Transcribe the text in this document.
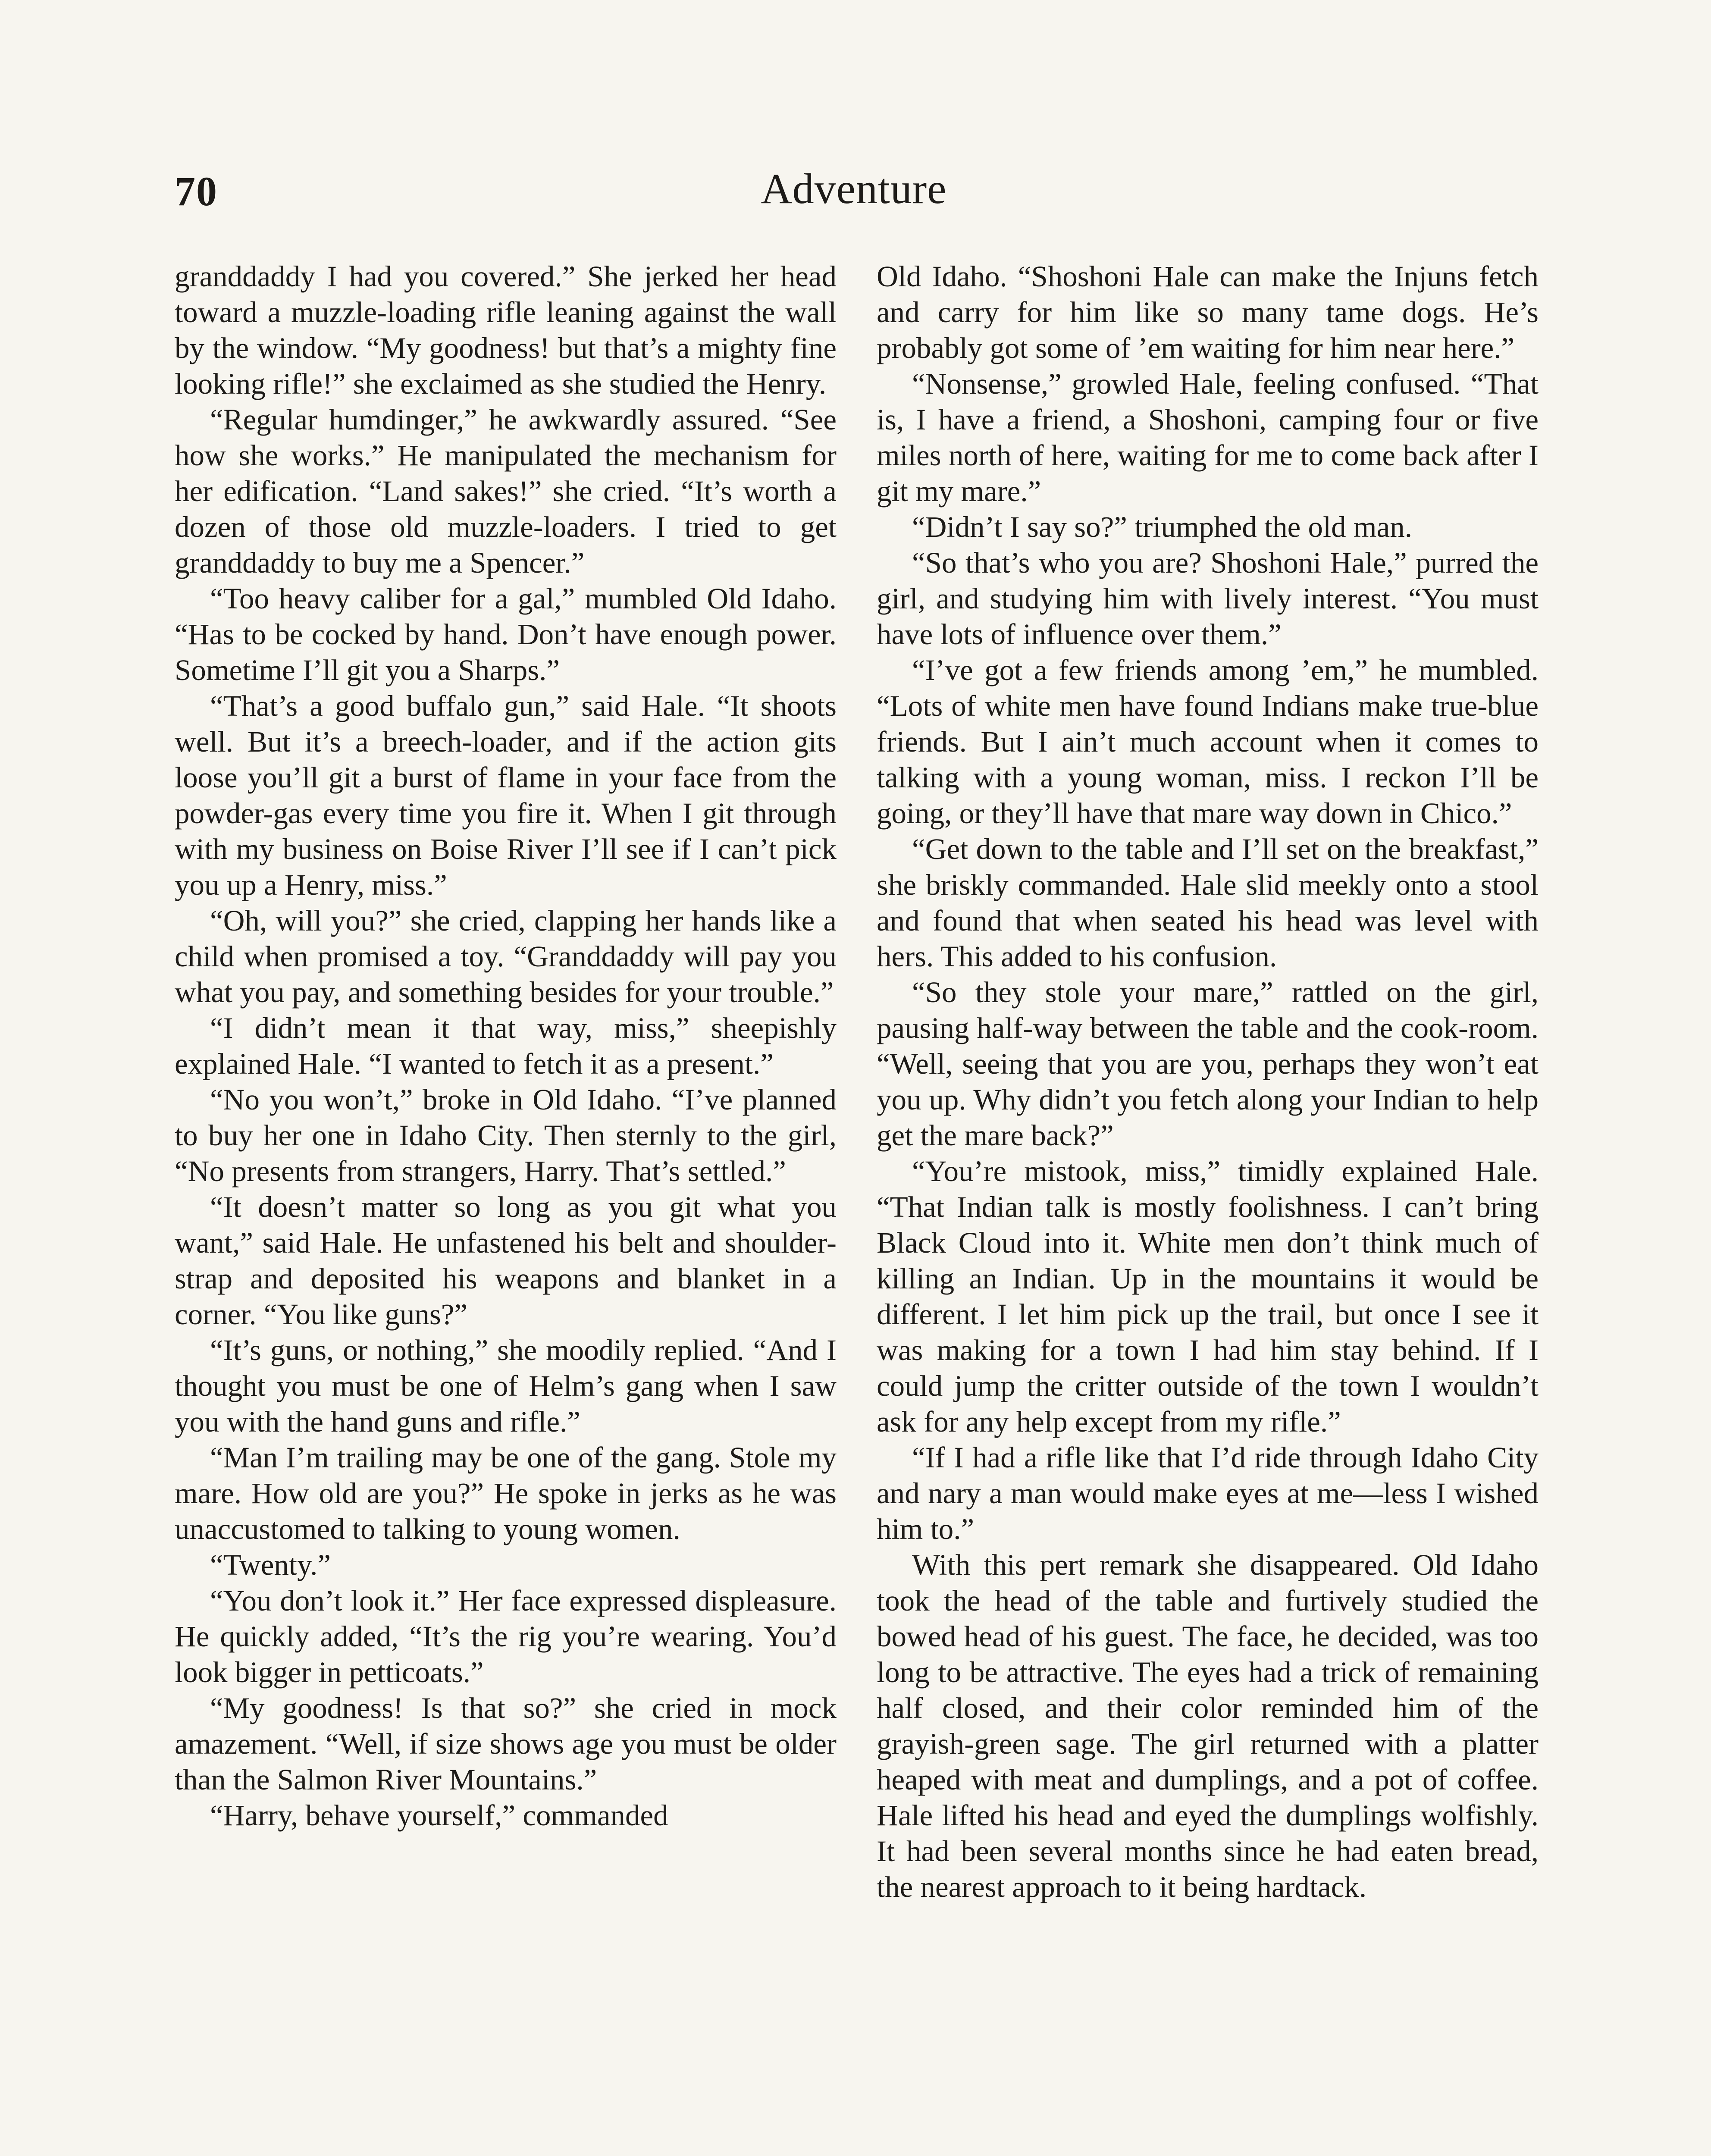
70	Adventure

granddaddy I had you covered.” She jerked her head toward a muzzle-loading rifle leaning against the wall by the window. “My goodness! but that’s a mighty fine looking rifle!” she exclaimed as she studied the Henry.

“Regular humdinger,” he awkwardly assured. “See how she works.” He manipulated the mechanism for her edification. “Land sakes!” she cried. “It’s worth a dozen of those old muzzle-loaders. I tried to get granddaddy to buy me a Spencer.”

“Too heavy caliber for a gal,” mumbled Old Idaho. “Has to be cocked by hand. Don’t have enough power. Sometime I’ll git you a Sharps.”

“That’s a good buffalo gun,” said Hale. “It shoots well. But it’s a breech-loader, and if the action gits loose you’ll git a burst of flame in your face from the powder-gas every time you fire it. When I git through with my business on Boise River I’ll see if I can’t pick you up a Henry, miss.”

“Oh, will you?” she cried, clapping her hands like a child when promised a toy. “Granddaddy will pay you what you pay, and something besides for your trouble.”

“I didn’t mean it that way, miss,” sheepishly explained Hale. “I wanted to fetch it as a present.”

“No you won’t,” broke in Old Idaho. “I’ve planned to buy her one in Idaho City. Then sternly to the girl, “No presents from strangers, Harry. That’s settled.”

“It doesn’t matter so long as you git what you want,” said Hale. He unfastened his belt and shoulder-strap and deposited his weapons and blanket in a corner. “You like guns?”

“It’s guns, or nothing,” she moodily replied. “And I thought you must be one of Helm’s gang when I saw you with the hand guns and rifle.”

“Man I’m trailing may be one of the gang. Stole my mare. How old are you?” He spoke in jerks as he was unaccustomed to talking to young women.

“Twenty.”

“You don’t look it.” Her face expressed displeasure. He quickly added, “It’s the rig you’re wearing. You’d look bigger in petticoats.”

“My goodness! Is that so?” she cried in mock amazement. “Well, if size shows age you must be older than the Salmon River Mountains.”

“Harry, behave yourself,” commanded

Old Idaho. “Shoshoni Hale can make the Injuns fetch and carry for him like so many tame dogs. He’s probably got some of ’em waiting for him near here.”

“Nonsense,” growled Hale, feeling confused. “That is, I have a friend, a Shoshoni, camping four or five miles north of here, waiting for me to come back after I git my mare.”

“Didn’t I say so?” triumphed the old man.

“So that’s who you are? Shoshoni Hale,” purred the girl, and studying him with lively interest. “You must have lots of influence over them.”

“I’ve got a few friends among ’em,” he mumbled. “Lots of white men have found Indians make true-blue friends. But I ain’t much account when it comes to talking with a young woman, miss. I reckon I’ll be going, or they’ll have that mare way down in Chico.”

“Get down to the table and I’ll set on the breakfast,” she briskly commanded. Hale slid meekly onto a stool and found that when seated his head was level with hers. This added to his confusion.

“So they stole your mare,” rattled on the girl, pausing half-way between the table and the cook-room. “Well, seeing that you are you, perhaps they won’t eat you up. Why didn’t you fetch along your Indian to help get the mare back?”

“You’re mistook, miss,” timidly explained Hale. “That Indian talk is mostly foolishness. I can’t bring Black Cloud into it. White men don’t think much of killing an Indian. Up in the mountains it would be different. I let him pick up the trail, but once I see it was making for a town I had him stay behind. If I could jump the critter outside of the town I wouldn’t ask for any help except from my rifle.”

“If I had a rifle like that I’d ride through Idaho City and nary a man would make eyes at me—less I wished him to.”

With this pert remark she disappeared. Old Idaho took the head of the table and furtively studied the bowed head of his guest. The face, he decided, was too long to be attractive. The eyes had a trick of remaining half closed, and their color reminded him of the grayish-green sage. The girl returned with a platter heaped with meat and dumplings, and a pot of coffee. Hale lifted his head and eyed the dumplings wolfishly. It had been several months since he had eaten bread, the nearest approach to it being hardtack.
